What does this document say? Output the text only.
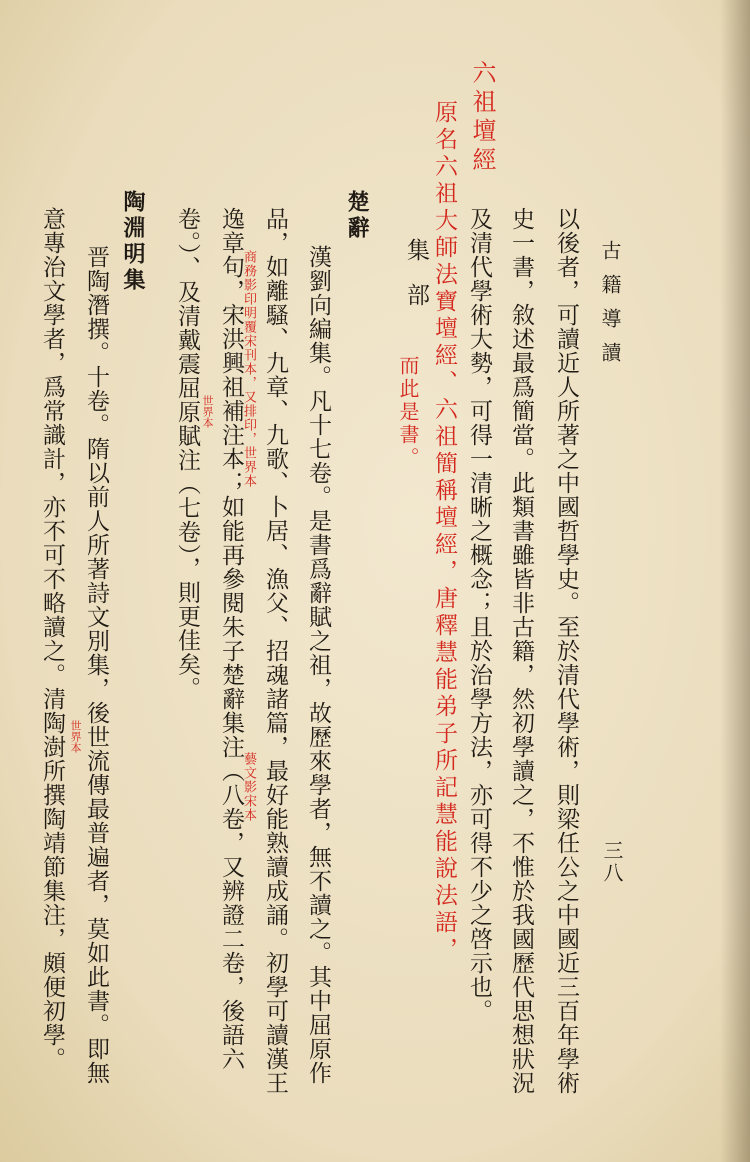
古籍導讀
三八
以後者，可讀近人所著之中國哲學史。至於清代學術，則梁任公之中國近三百年學術
史一書，敘述最爲簡當。此類書雖皆非古籍，然初學讀之，不惟於我國歷代思想狀況
及清代學術大勢，可得一清晰之概念；且於治學方法，亦可得不少之啓示也。
集部
楚辭
漢劉向編集。凡十七卷。是書爲辭賦之祖，故歷來學者，無不讀之。其中屈原作
品，如離騷、九章、九歌、卜居、漁父、招魂諸篇，最好能熟讀成誦。初學可讀漢王
逸章句，宋洪興祖補注本；如能再參閱朱子楚辭集注（八卷，又辨證二卷，後語六
卷。）、及清戴震屈原賦注（七卷），則更佳矣。
陶淵明集
晋陶潛撰。十卷。隋以前人所著詩文別集，後世流傳最普遍者，莫如此書。即無
意專治文學者，爲常識計，亦不可不略讀之。清陶澍所撰陶靖節集注，頗便初學。
六祖壇經
原名六祖大師法寶壇經、六祖簡稱壇經，唐釋慧能弟子所記慧能說法語，
而此是書。
商務影印明覆宋刊本，又排印，世界本
世界本
藝文影宋本
世界本
